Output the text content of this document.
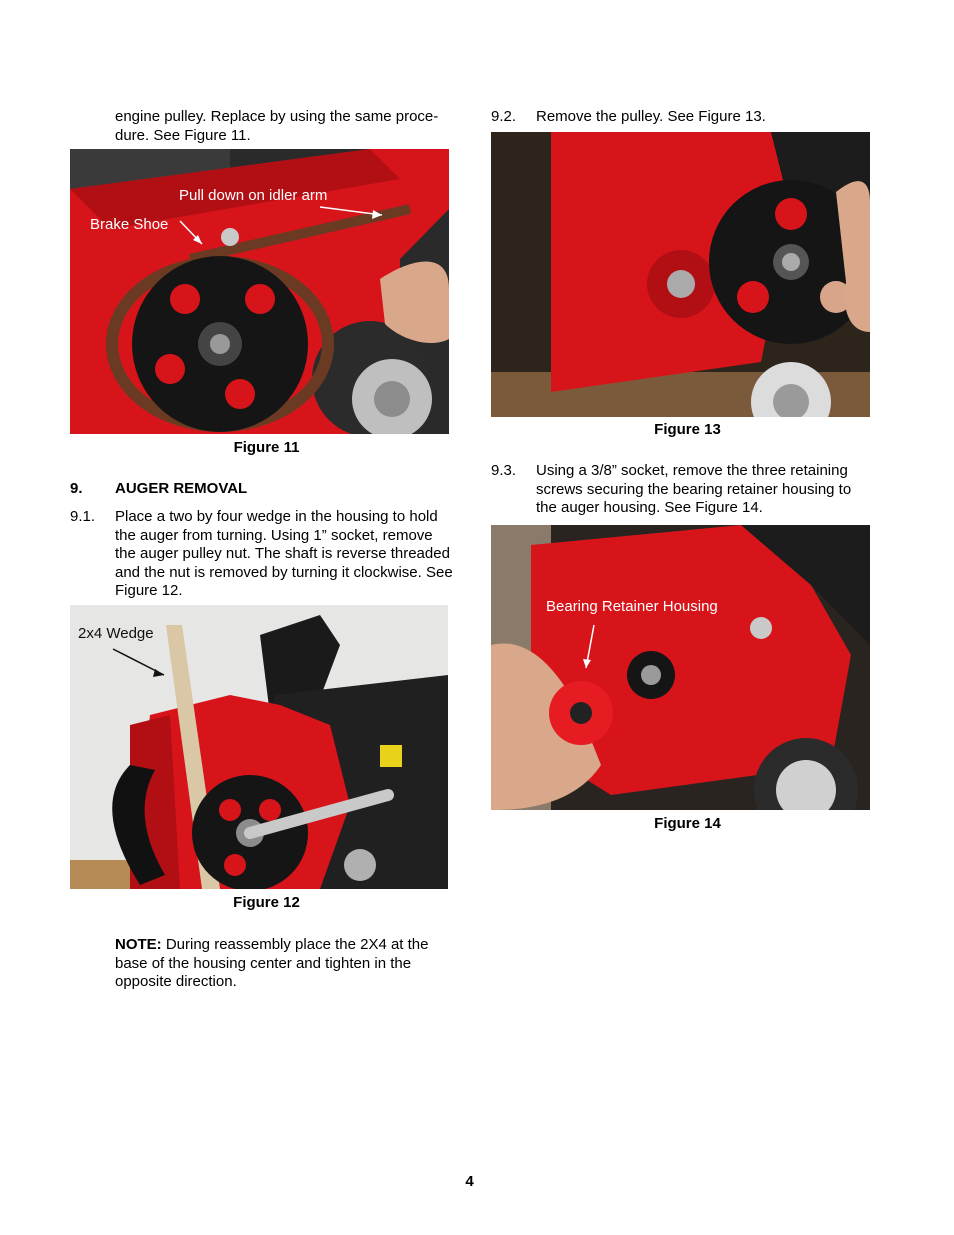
engine pulley. Replace by using the same proce-dure. See Figure 11.

Pull down on idler arm
Brake Shoe
Figure 11
9. AUGER REMOVAL
9.1. Place a two by four wedge in the housing to hold the auger from turning. Using 1” socket, remove the auger pulley nut. The shaft is reverse threaded and the nut is removed by turning it clockwise. See Figure 12.

2x4 Wedge
Figure 12

NOTE: During reassembly place the 2X4 at the base of the housing center and tighten in the opposite direction.

9.2. Remove the pulley. See Figure 13.

Figure 13
9.3. Using a 3/8” socket, remove the three retaining screws securing the bearing retainer housing to the auger housing. See Figure 14.

Bearing Retainer Housing
Figure 14
4
